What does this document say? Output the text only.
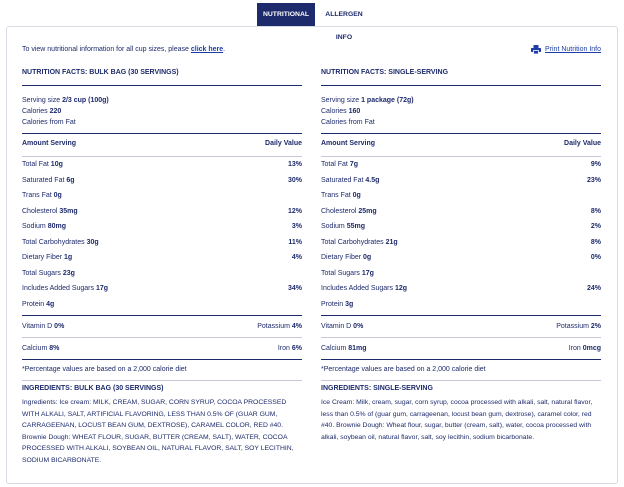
NUTRITIONAL INFO
ALLERGEN INFO
To view nutritional information for all cup sizes, please click here.	Print Nutrition Info
NUTRITION FACTS: BULK BAG (30 SERVINGS)
Serving size 2/3 cup (100g)
Calories 220
Calories from Fat
Amount Serving	Daily Value
Total Fat 10g	13%
Saturated Fat 6g	30%
Trans Fat 0g
Cholesterol 35mg	12%
Sodium 80mg	3%
Total Carbohydrates 30g	11%
Dietary Fiber 1g	4%
Total Sugars 23g
Includes Added Sugars 17g	34%
Protein 4g
Vitamin D 0%	Potassium 4%
Calcium 8%	Iron 6%
*Percentage values are based on a 2,000 calorie diet
INGREDIENTS: BULK BAG (30 SERVINGS)
Ingredients: Ice cream: MILK, CREAM, SUGAR, CORN SYRUP, COCOA PROCESSED WITH ALKALI, SALT, ARTIFICIAL FLAVORING, LESS THAN 0.5% OF (GUAR GUM, CARRAGEENAN, LOCUST BEAN GUM, DEXTROSE), CARAMEL COLOR, RED #40. Brownie Dough: WHEAT FLOUR, SUGAR, BUTTER (CREAM, SALT), WATER, COCOA PROCESSED WITH ALKALI, SOYBEAN OIL, NATURAL FLAVOR, SALT, SOY LECITHIN, SODIUM BICARBONATE.
NUTRITION FACTS: SINGLE-SERVING
Serving size 1 package (72g)
Calories 160
Calories from Fat
Amount Serving	Daily Value
Total Fat 7g	9%
Saturated Fat 4.5g	23%
Trans Fat 0g
Cholesterol 25mg	8%
Sodium 55mg	2%
Total Carbohydrates 21g	8%
Dietary Fiber 0g	0%
Total Sugars 17g
Includes Added Sugars 12g	24%
Protein 3g
Vitamin D 0%	Potassium 2%
Calcium 81mg	Iron 0mcg
*Percentage values are based on a 2,000 calorie diet
INGREDIENTS: SINGLE-SERVING
Ice Cream: Milk, cream, sugar, corn syrup, cocoa processed with alkali, salt, natural flavor, less than 0.5% of (guar gum, carrageenan, locust bean gum, dextrose), caramel color, red #40. Brownie Dough: Wheat flour, sugar, butter (cream, salt), water, cocoa processed with alkali, soybean oil, natural flavor, salt, soy lecithin, sodium bicarbonate.
